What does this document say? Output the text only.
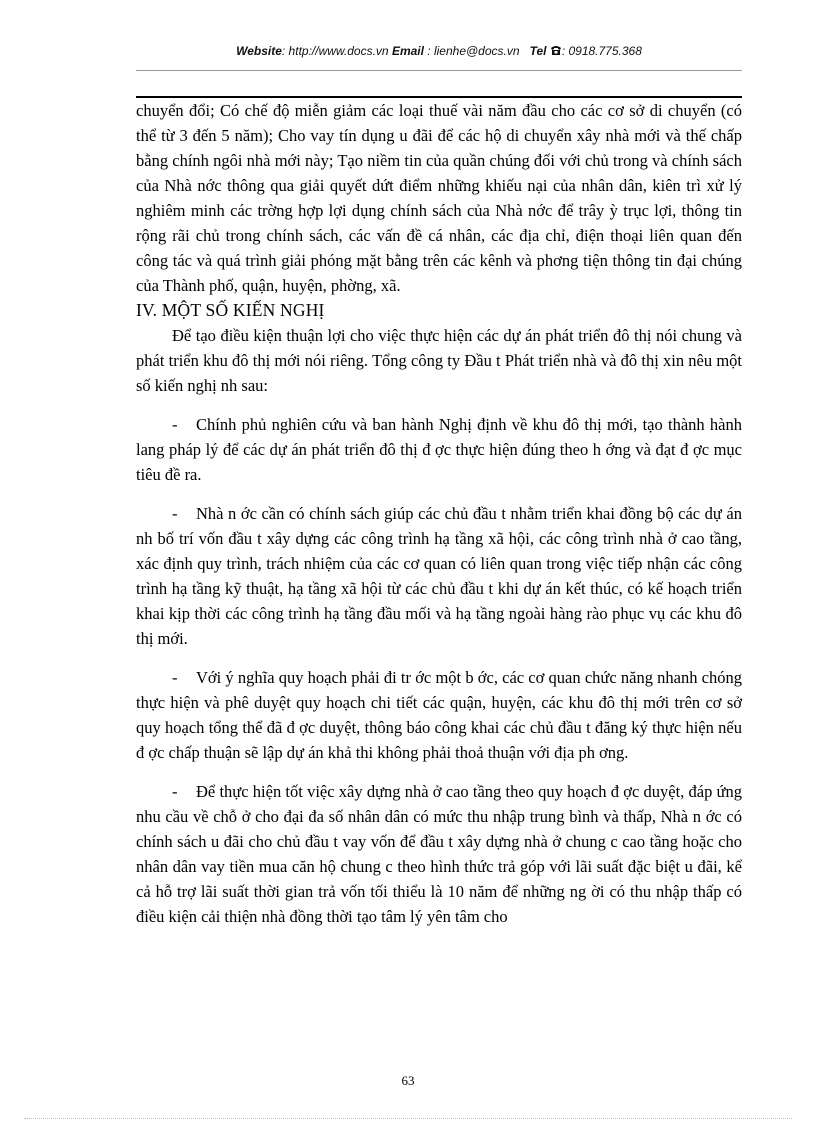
Website: http://www.docs.vn Email : lienhe@docs.vn Tel : 0918.775.368

chuyển đổi; Có chế độ miễn giảm các loại thuế vài năm đầu cho các cơ sở di chuyển (có thể từ 3 đến 5 năm); Cho vay tín dụng u đãi để các hộ di chuyển xây nhà mới và thế chấp bằng chính ngôi nhà mới này; Tạo niềm tin của quần chúng đối với chủ trong và chính sách của Nhà nớc thông qua giải quyết dứt điểm những khiếu nại của nhân dân, kiên trì xử lý nghiêm minh các trờng hợp lợi dụng chính sách của Nhà nớc để trây ỳ trục lợi, thông tin rộng rãi chủ trong chính sách, các vấn đề cá nhân, các địa chỉ, điện thoại liên quan đến công tác và quá trình giải phóng mặt bằng trên các kênh và phơng tiện thông tin đại chúng của Thành phố, quận, huyện, phờng, xã.

IV. MỘT SỐ KIẾN NGHỊ

Để tạo điều kiện thuận lợi cho việc thực hiện các dự án phát triển đô thị nói chung và phát triển khu đô thị mới nói riêng. Tổng công ty Đầu t Phát triển nhà và đô thị xin nêu một số kiến nghị nh sau:

- Chính phủ nghiên cứu và ban hành Nghị định về khu đô thị mới, tạo thành hành lang pháp lý để các dự án phát triển đô thị đ ợc thực hiện đúng theo h ớng và đạt đ ợc mục tiêu đề ra.

- Nhà n ớc cần có chính sách giúp các chủ đầu t nhằm triển khai đồng bộ các dự án nh bố trí vốn đầu t xây dựng các công trình hạ tầng xã hội, các công trình nhà ở cao tầng, xác định quy trình, trách nhiệm của các cơ quan có liên quan trong việc tiếp nhận các công trình hạ tầng kỹ thuật, hạ tầng xã hội từ các chủ đầu t khi dự án kết thúc, có kế hoạch triển khai kịp thời các công trình hạ tầng đầu mối và hạ tầng ngoài hàng rào phục vụ các khu đô thị mới.

- Với ý nghĩa quy hoạch phải đi tr ớc một b ớc, các cơ quan chức năng nhanh chóng thực hiện và phê duyệt quy hoạch chi tiết các quận, huyện, các khu đô thị mới trên cơ sở quy hoạch tổng thể đã đ ợc duyệt, thông báo công khai các chủ đầu t đăng ký thực hiện nếu đ ợc chấp thuận sẽ lập dự án khả thi không phải thoả thuận với địa ph ơng.

- Để thực hiện tốt việc xây dựng nhà ở cao tầng theo quy hoạch đ ợc duyệt, đáp ứng nhu cầu về chỗ ở cho đại đa số nhân dân có mức thu nhập trung bình và thấp, Nhà n ớc có chính sách u đãi cho chủ đầu t vay vốn để đầu t xây dựng nhà ở chung c cao tầng hoặc cho nhân dân vay tiền mua căn hộ chung c theo hình thức trả góp với lãi suất đặc biệt u đãi, kể cả hỗ trợ lãi suất thời gian trả vốn tối thiểu là 10 năm để những ng ời có thu nhập thấp có điều kiện cải thiện nhà đồng thời tạo tâm lý yên tâm cho

63
